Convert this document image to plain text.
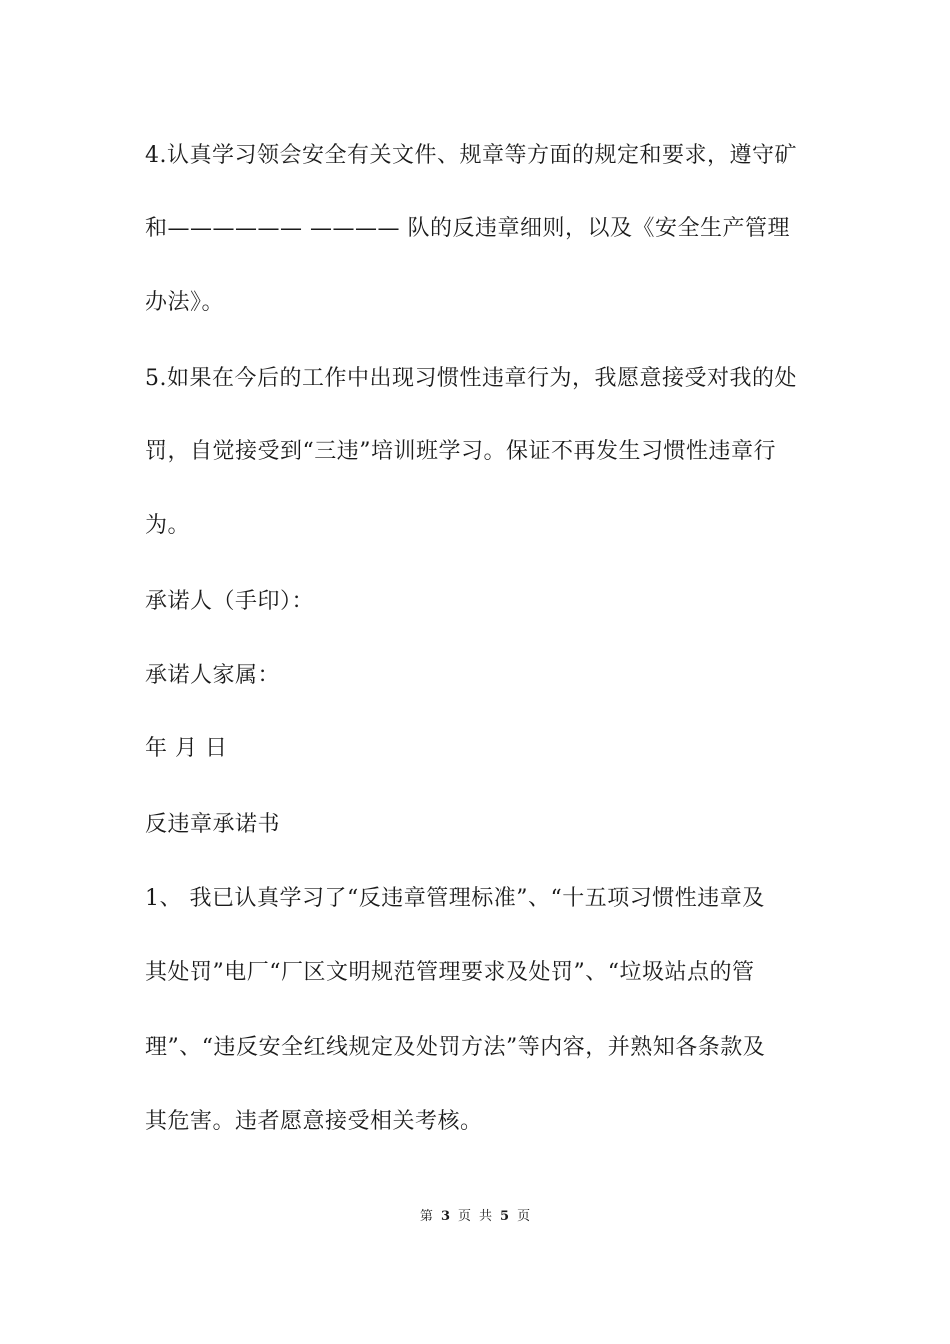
4.认真学习领会安全有关文件、规章等方面的规定和要求，遵守矿
和—————— ———— 队的反违章细则，以及《安全生产管理
办法》。
5.如果在今后的工作中出现习惯性违章行为，我愿意接受对我的处
罚，自觉接受到“三违”培训班学习。保证不再发生习惯性违章行
为。
承诺人（手印）：
承诺人家属：
年 月 日
反违章承诺书
1、 我已认真学习了“反违章管理标准”、“十五项习惯性违章及
其处罚”电厂“厂区文明规范管理要求及处罚”、“垃圾站点的管
理”、“违反安全红线规定及处罚方法”等内容，并熟知各条款及
其危害。违者愿意接受相关考核。
第 3 页 共 5 页
